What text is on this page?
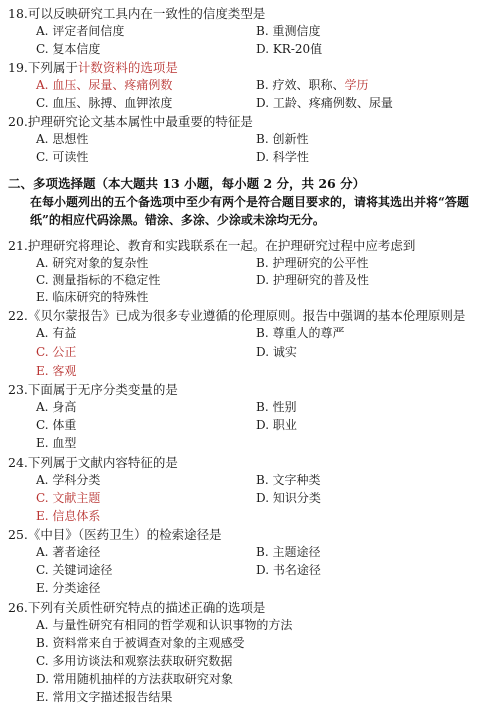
18.可以反映研究工具内在一致性的信度类型是
A. 评定者间信度	B. 重测信度
C. 复本信度	D. KR-20值
19.下列属于计数资料的选项是
A. 血压、尿量、疼痛例数	B. 疗效、职称、学历
C. 血压、脉搏、血钾浓度	D. 工龄、疼痛例数、尿量
20.护理研究论文基本属性中最重要的特征是
A. 思想性	B. 创新性
C. 可读性	D. 科学性
二、多项选择题（本大题共 13 小题，每小题 2 分，共 26 分）
在每小题列出的五个备选项中至少有两个是符合题目要求的，请将其选出并将“答题
纸”的相应代码涂黑。错涂、多涂、少涂或未涂均无分。
21.护理研究将理论、教育和实践联系在一起。在护理研究过程中应考虑到
A. 研究对象的复杂性	B. 护理研究的公平性
C. 测量指标的不稳定性	D. 护理研究的普及性
E. 临床研究的特殊性
22.《贝尔蒙报告》已成为很多专业遵循的伦理原则。报告中强调的基本伦理原则是
A. 有益	B. 尊重人的尊严
C. 公正	D. 诚实
E. 客观
23.下面属于无序分类变量的是
A. 身高	B. 性别
C. 体重	D. 职业
E. 血型
24.下列属于文献内容特征的是
A. 学科分类	B. 文字种类
C. 文献主题	D. 知识分类
E. 信息体系
25.《中目》（医药卫生）的检索途径是
A. 著者途径	B. 主题途径
C. 关键词途径	D. 书名途径
E. 分类途径
26.下列有关质性研究特点的描述正确的选项是
A. 与量性研究有相同的哲学观和认识事物的方法
B. 资料常来自于被调查对象的主观感受
C. 多用访谈法和观察法获取研究数据
D. 常用随机抽样的方法获取研究对象
E. 常用文字描述报告结果
